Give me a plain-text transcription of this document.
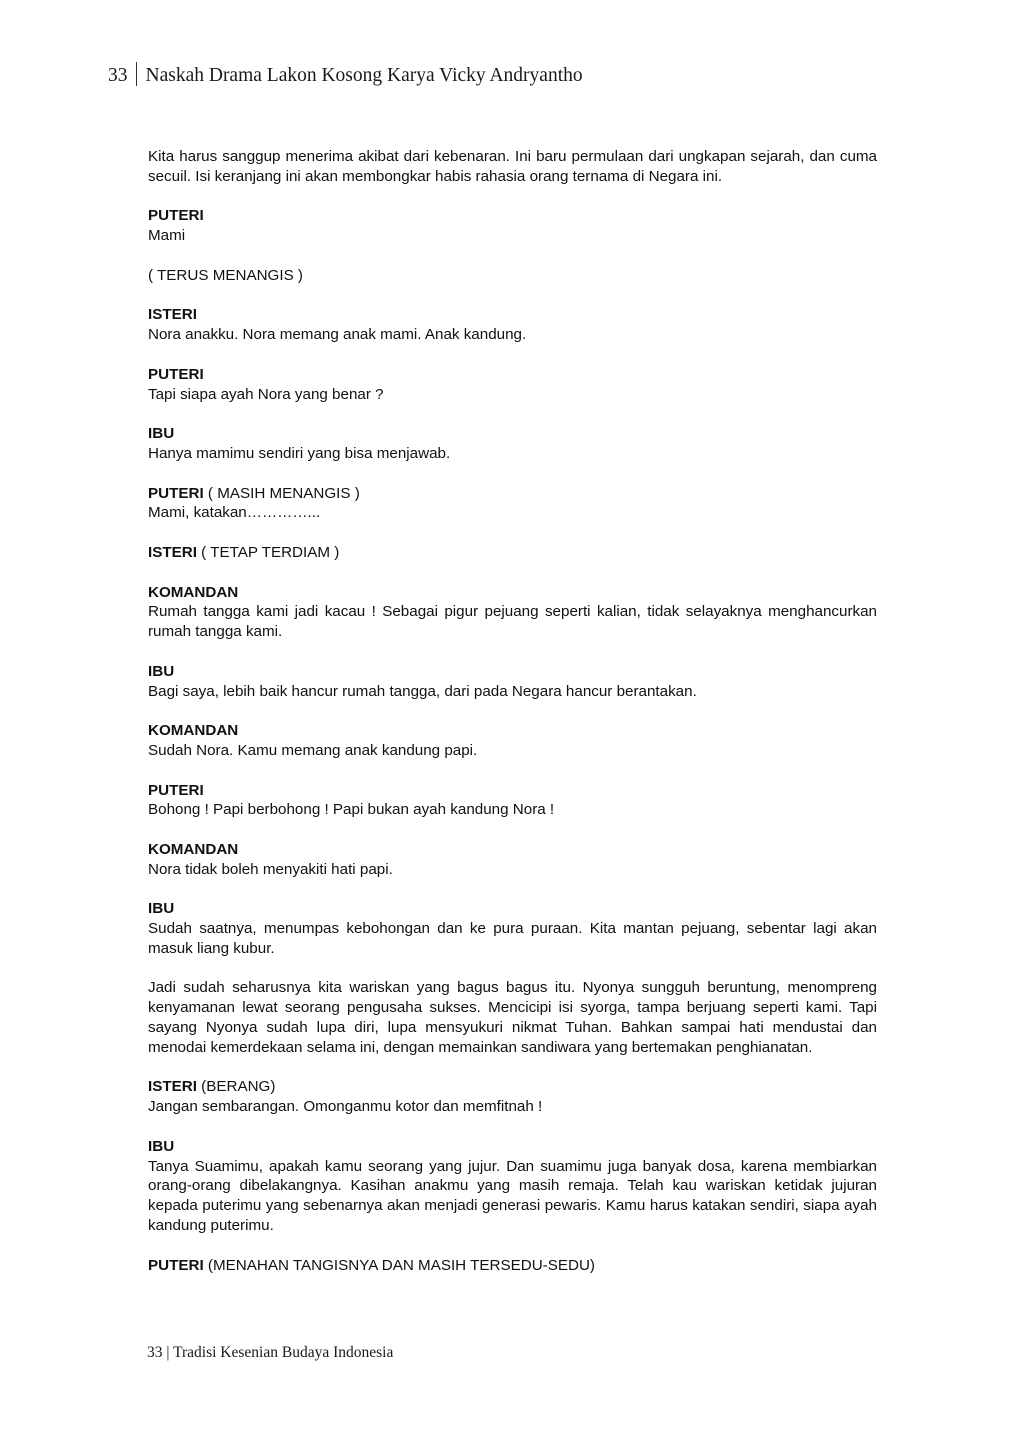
33 Naskah Drama Lakon Kosong Karya Vicky Andryantho

Kita harus sanggup menerima akibat dari kebenaran. Ini baru permulaan dari ungkapan sejarah, dan cuma secuil. Isi keranjang ini akan membongkar habis rahasia orang ternama di Negara ini.

PUTERI

Mami

( TERUS MENANGIS )

ISTERI

Nora anakku. Nora memang anak mami. Anak kandung.

PUTERI

Tapi siapa ayah Nora yang benar ?

IBU

Hanya mamimu sendiri yang bisa menjawab.

PUTERI ( MASIH MENANGIS )

Mami, katakan…………...

ISTERI ( TETAP TERDIAM )

KOMANDAN

Rumah tangga kami jadi kacau ! Sebagai pigur pejuang seperti kalian, tidak selayaknya menghancurkan rumah tangga kami.

IBU

Bagi saya, lebih baik hancur rumah tangga, dari pada Negara hancur berantakan.

KOMANDAN

Sudah Nora. Kamu memang anak kandung papi.

PUTERI

Bohong ! Papi berbohong ! Papi bukan ayah kandung Nora !

KOMANDAN

Nora tidak boleh menyakiti hati papi.

IBU

Sudah saatnya, menumpas kebohongan dan ke pura puraan. Kita mantan pejuang, sebentar lagi akan masuk liang kubur.

Jadi sudah seharusnya kita wariskan yang bagus bagus itu. Nyonya sungguh beruntung, menompreng kenyamanan lewat seorang pengusaha sukses. Mencicipi isi syorga, tampa berjuang seperti kami. Tapi sayang Nyonya sudah lupa diri, lupa mensyukuri nikmat Tuhan. Bahkan sampai hati mendustai dan menodai kemerdekaan selama ini, dengan memainkan sandiwara yang bertemakan penghianatan.

ISTERI (BERANG)

Jangan sembarangan. Omonganmu kotor dan memfitnah !

IBU

Tanya Suamimu, apakah kamu seorang yang jujur. Dan suamimu juga banyak dosa, karena membiarkan orang-orang dibelakangnya. Kasihan anakmu yang masih remaja. Telah kau wariskan ketidak jujuran kepada puterimu yang sebenarnya akan menjadi generasi pewaris. Kamu harus katakan sendiri, siapa ayah kandung puterimu.

PUTERI (MENAHAN TANGISNYA DAN MASIH TERSEDU-SEDU)

33 | Tradisi Kesenian Budaya Indonesia
